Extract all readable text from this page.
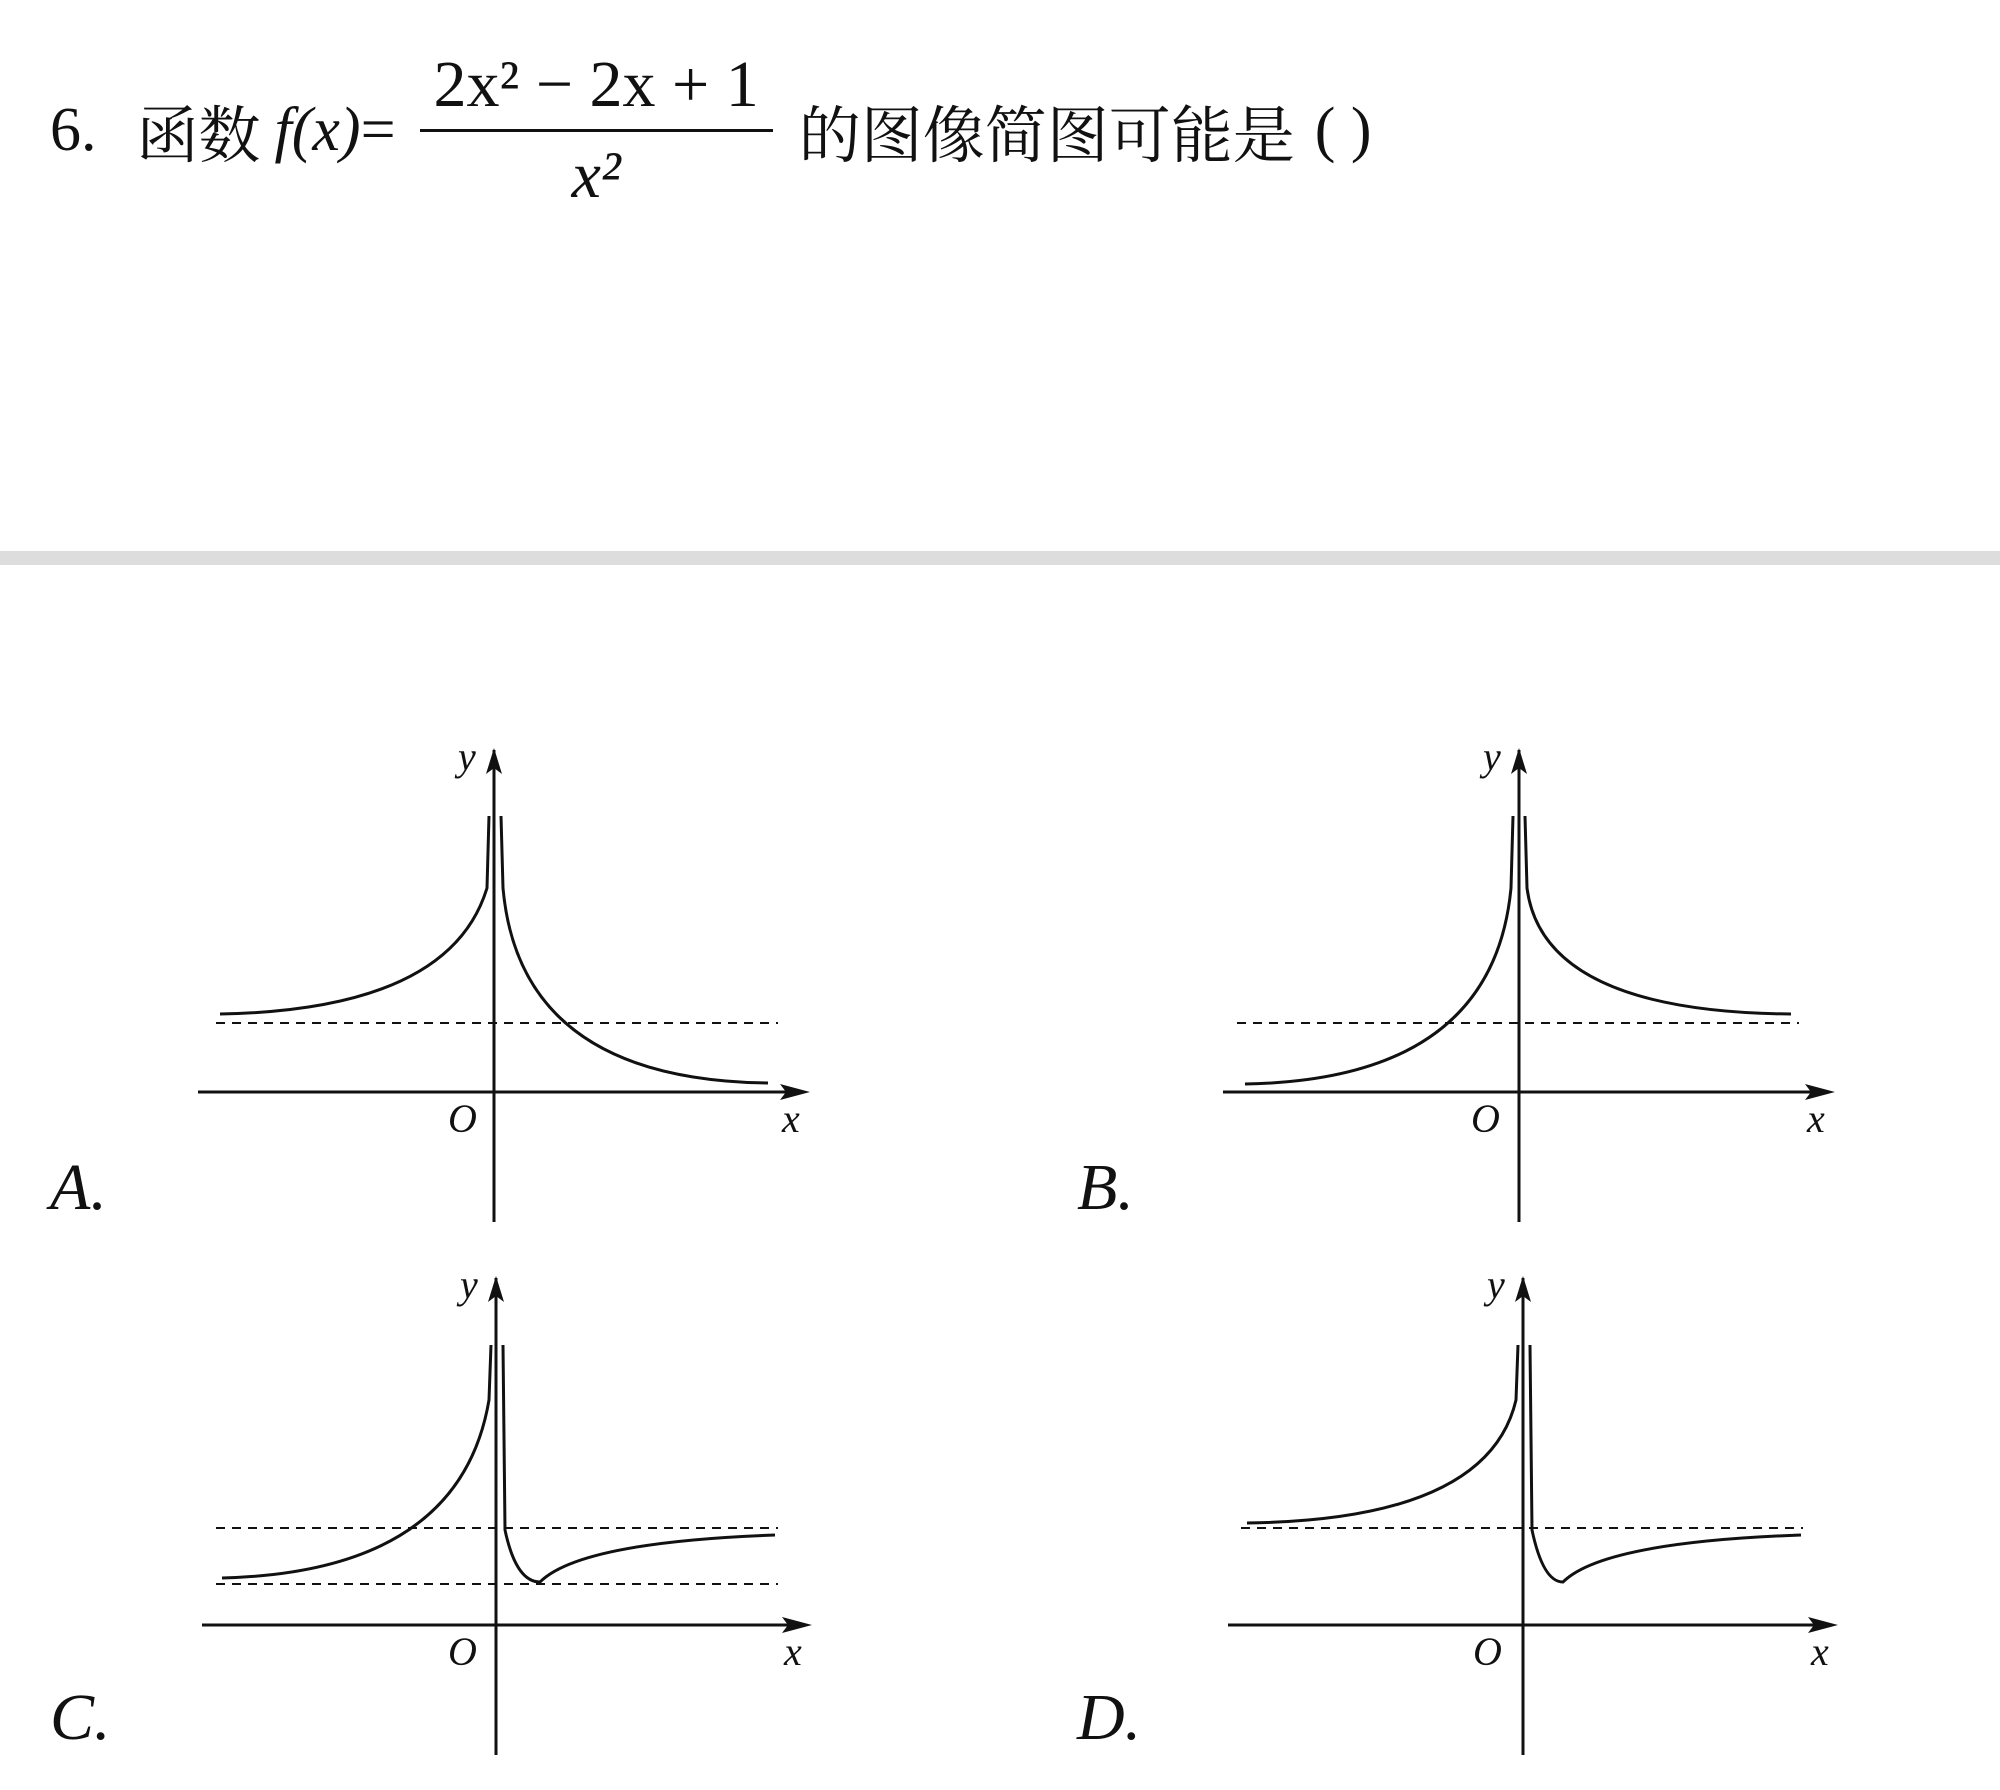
6. 函数 $f(x) = \frac{\text{2x² − 2x + 1}}{\text{x²}}$ 的图像简图可能是 ( )
A.
y
x
O
B.
y
x
O
C.
y
x
O
D.
y
x
O
